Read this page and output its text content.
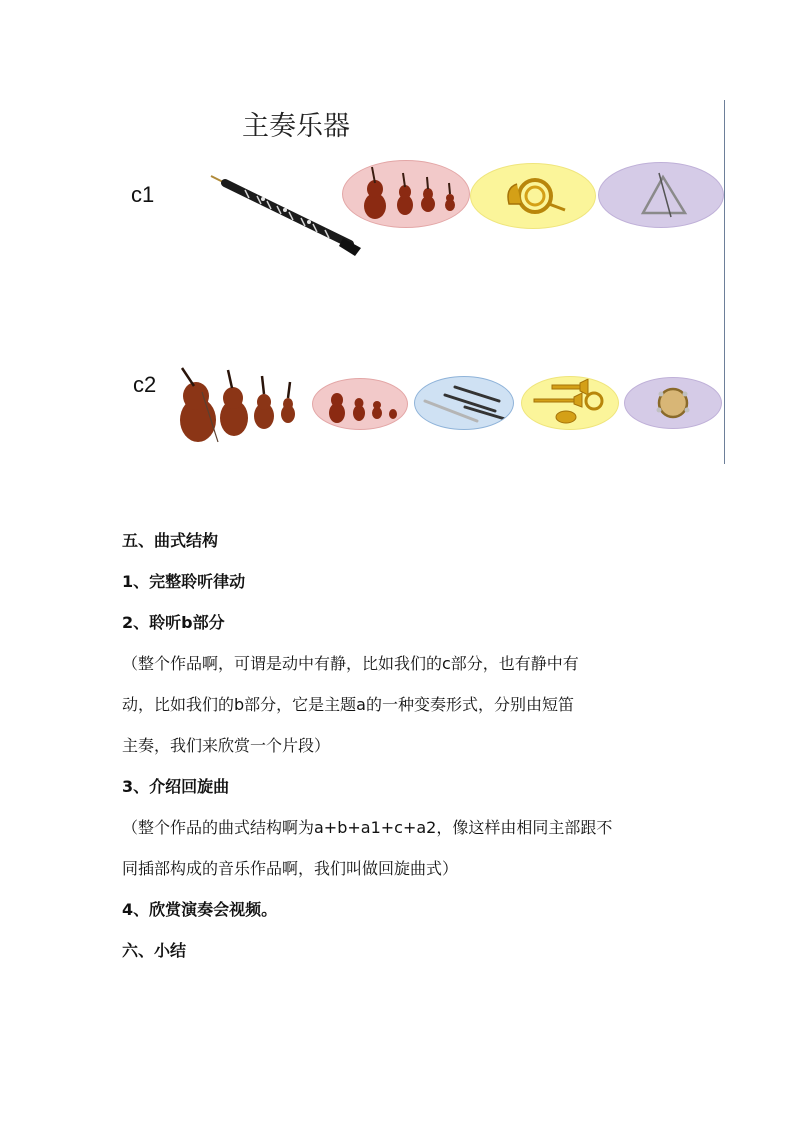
主奏乐器
c1
c2

五、曲式结构

1、完整聆听律动

2、聆听b部分

（整个作品啊，可谓是动中有静，比如我们的c部分，也有静中有

动，比如我们的b部分，它是主题a的一种变奏形式，分别由短笛

主奏，我们来欣赏一个片段）

3、介绍回旋曲

（整个作品的曲式结构啊为a+b+a1+c+a2，像这样由相同主部跟不

同插部构成的音乐作品啊，我们叫做回旋曲式）

4、欣赏演奏会视频。

六、小结
